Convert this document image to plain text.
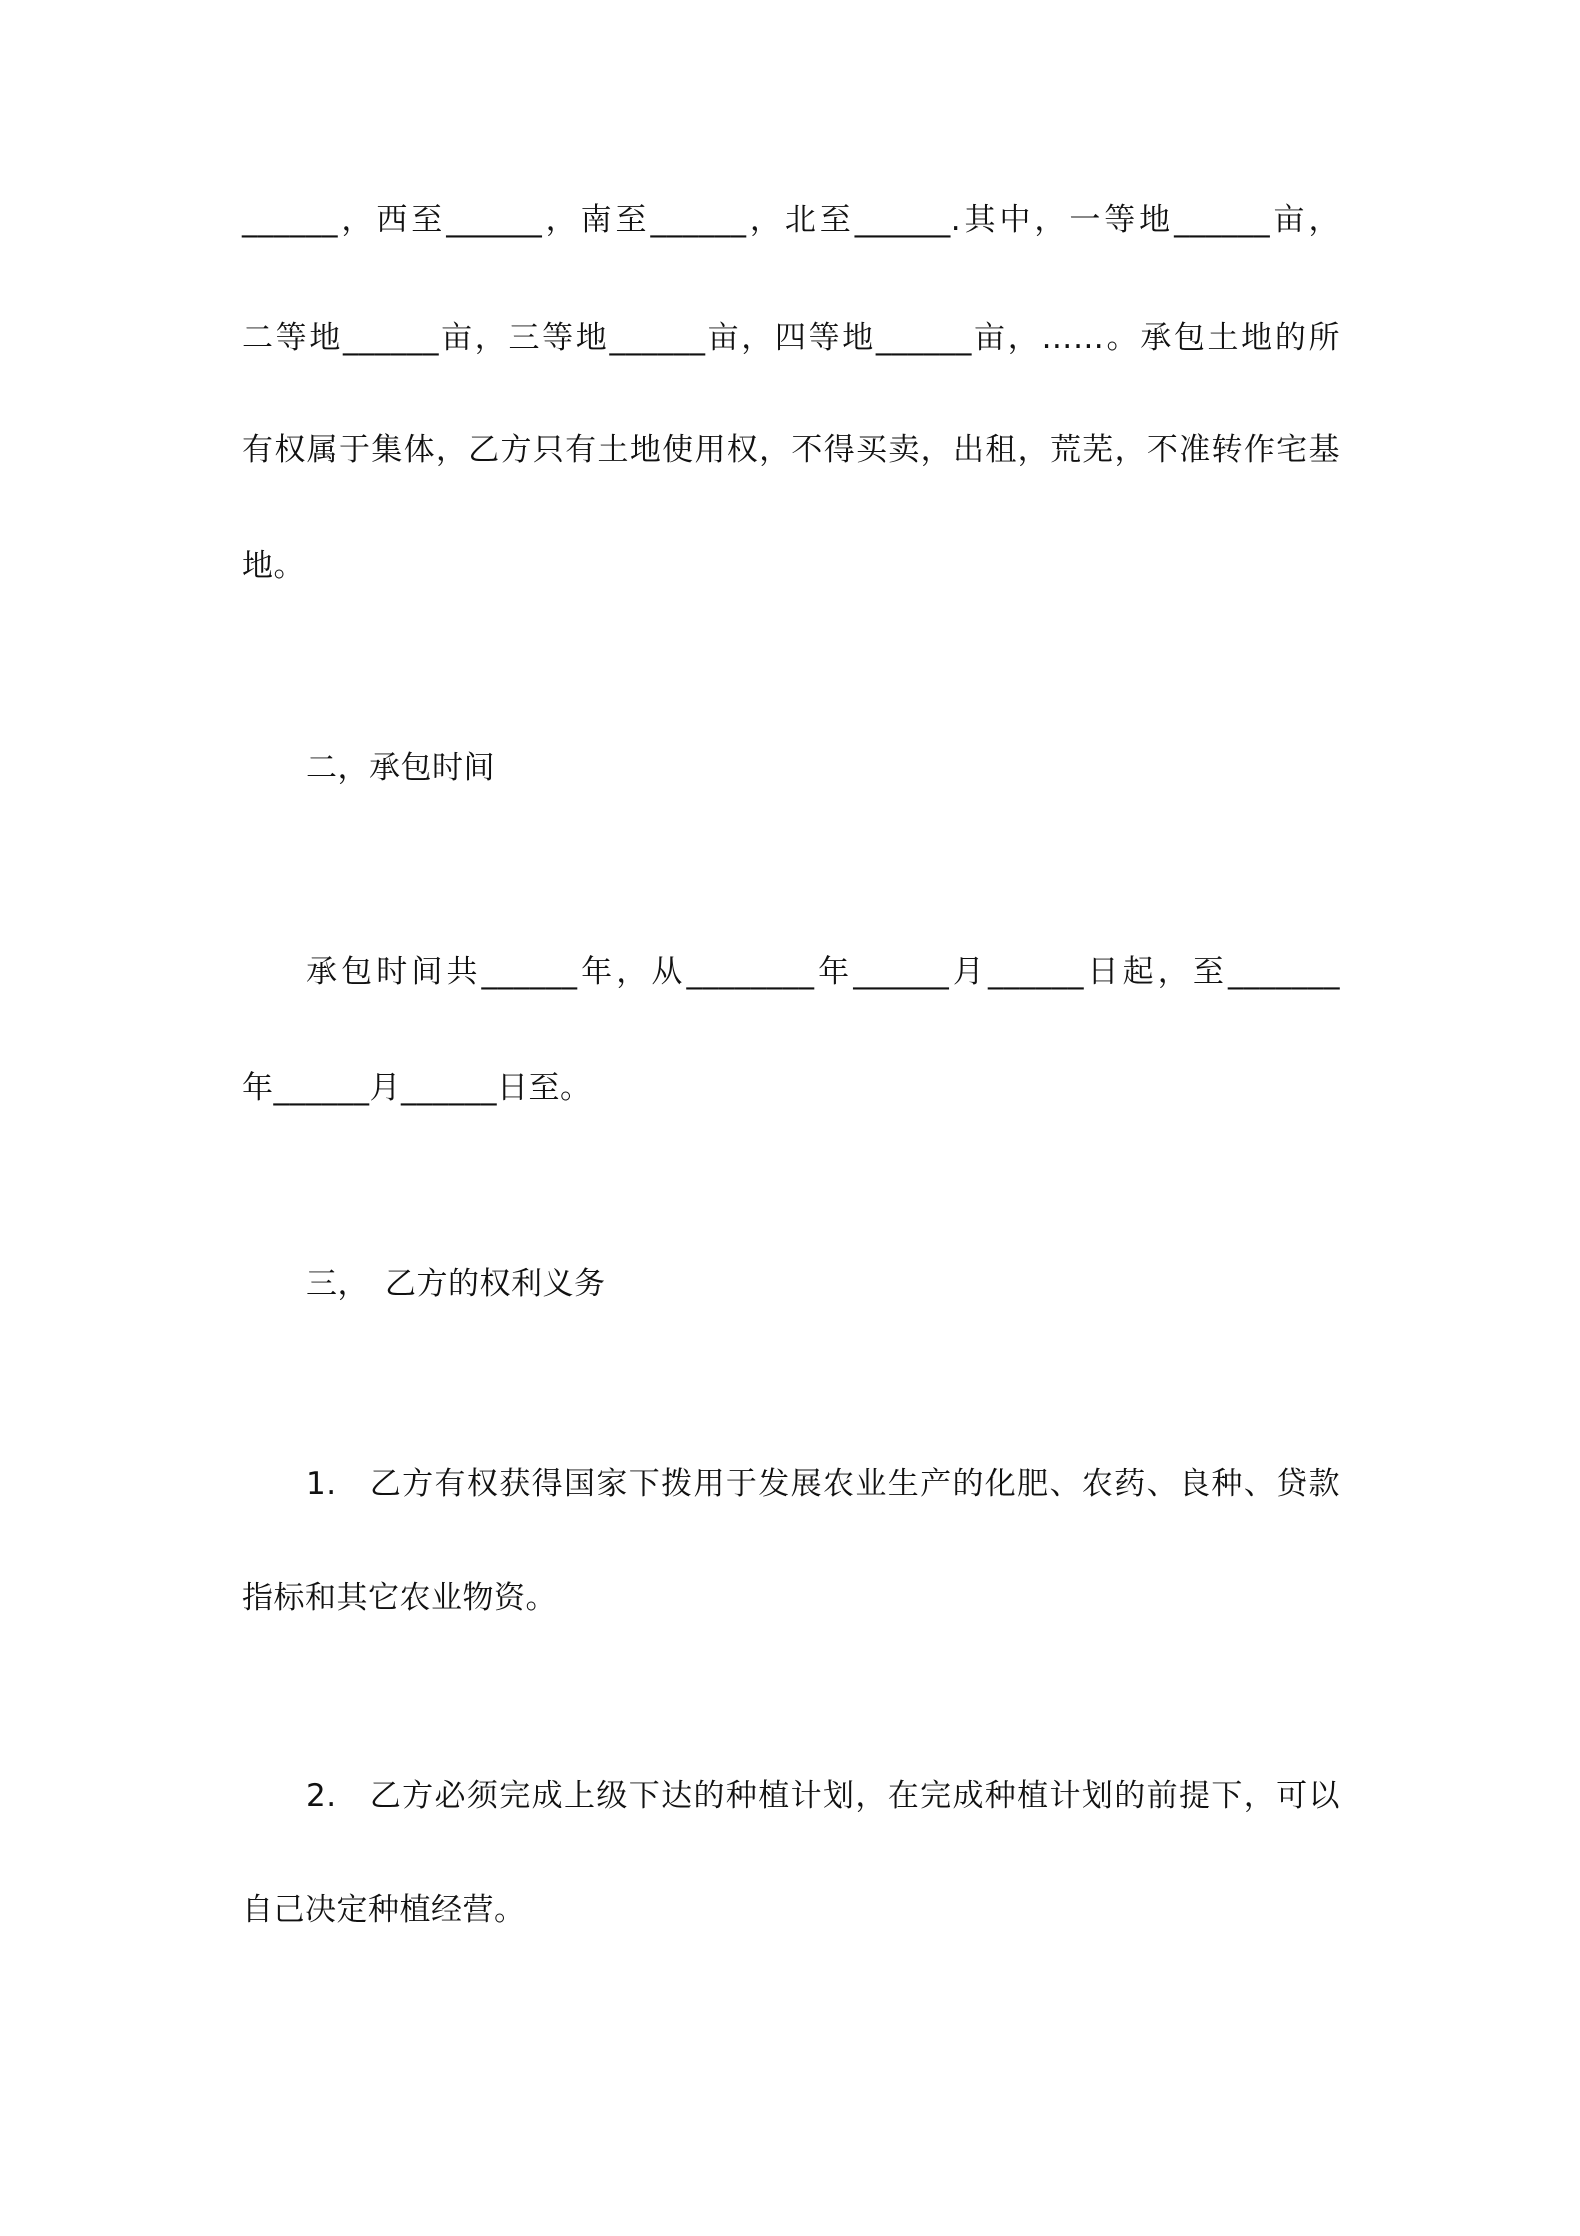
______，西至______，南至______，北至______.其中，一等地______亩，
二等地______亩，三等地______亩，四等地______亩，……。承包土地的所
有权属于集体，乙方只有土地使用权，不得买卖，出租，荒芜，不准转作宅基
地。
二，承包时间
承包时间共______年，从________年______月______日起，至_______
年______月______日至。
三，　乙方的权利义务
1.　乙方有权获得国家下拨用于发展农业生产的化肥、农药、良种、贷款
指标和其它农业物资。
2.　乙方必须完成上级下达的种植计划，在完成种植计划的前提下，可以
自己决定种植经营。
